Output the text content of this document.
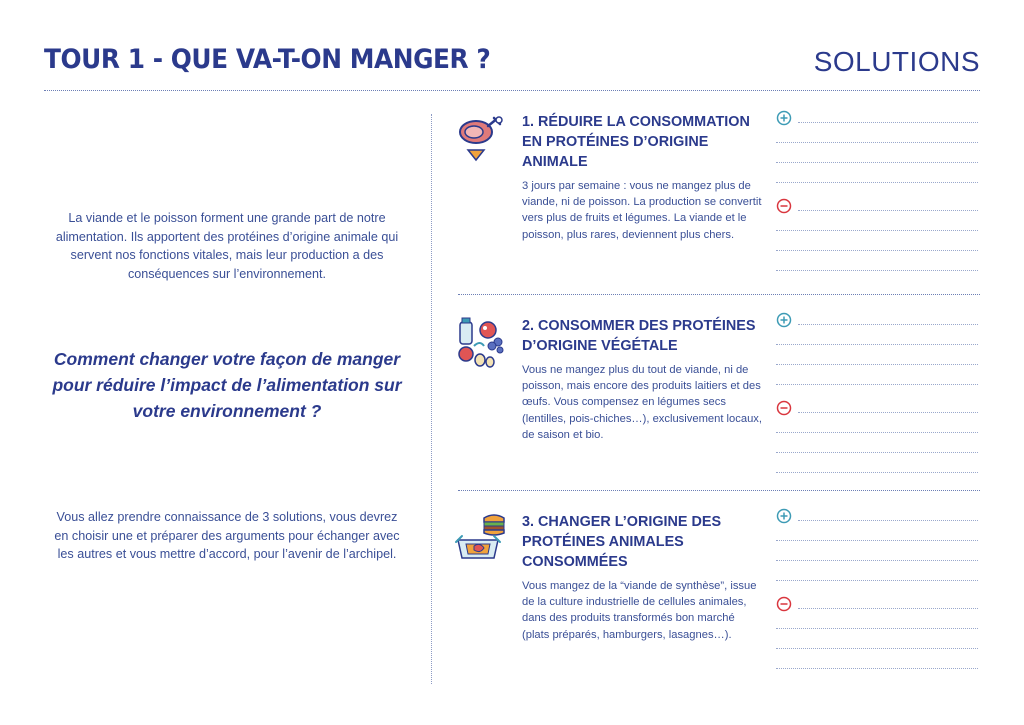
TOUR 1 - QUE VA-T-ON MANGER ?	SOLUTIONS
La viande et le poisson forment une grande part de notre alimentation. Ils apportent des protéines d’origine animale qui servent nos fonctions vitales, mais leur production a des conséquences sur l’environnement.
Comment changer votre façon de manger pour réduire l’impact de l’alimentation sur votre environnement ?
Vous allez prendre connaissance de 3 solutions, vous devrez en choisir une et préparer des arguments pour échanger avec les autres et vous mettre d’accord, pour l’avenir de l’archipel.
1. RÉDUIRE LA CONSOMMATION EN PROTÉINES D’ORIGINE ANIMALE
3 jours par semaine : vous ne mangez plus de viande, ni de poisson. La production se convertit vers plus de fruits et légumes. La viande et le poisson, plus rares, deviennent plus chers.
2. CONSOMMER DES PROTÉINES D’ORIGINE VÉGÉTALE
Vous ne mangez plus du tout de viande, ni de poisson, mais encore des produits laitiers et des œufs. Vous compensez en légumes secs (lentilles, pois-chiches…), exclusivement locaux, de saison et bio.
3. CHANGER L’ORIGINE DES PROTÉINES ANIMALES CONSOMMÉES
Vous mangez de la “viande de synthèse”, issue de la culture industrielle de cellules animales, dans des produits transformés bon marché (plats préparés, hamburgers, lasagnes…).
